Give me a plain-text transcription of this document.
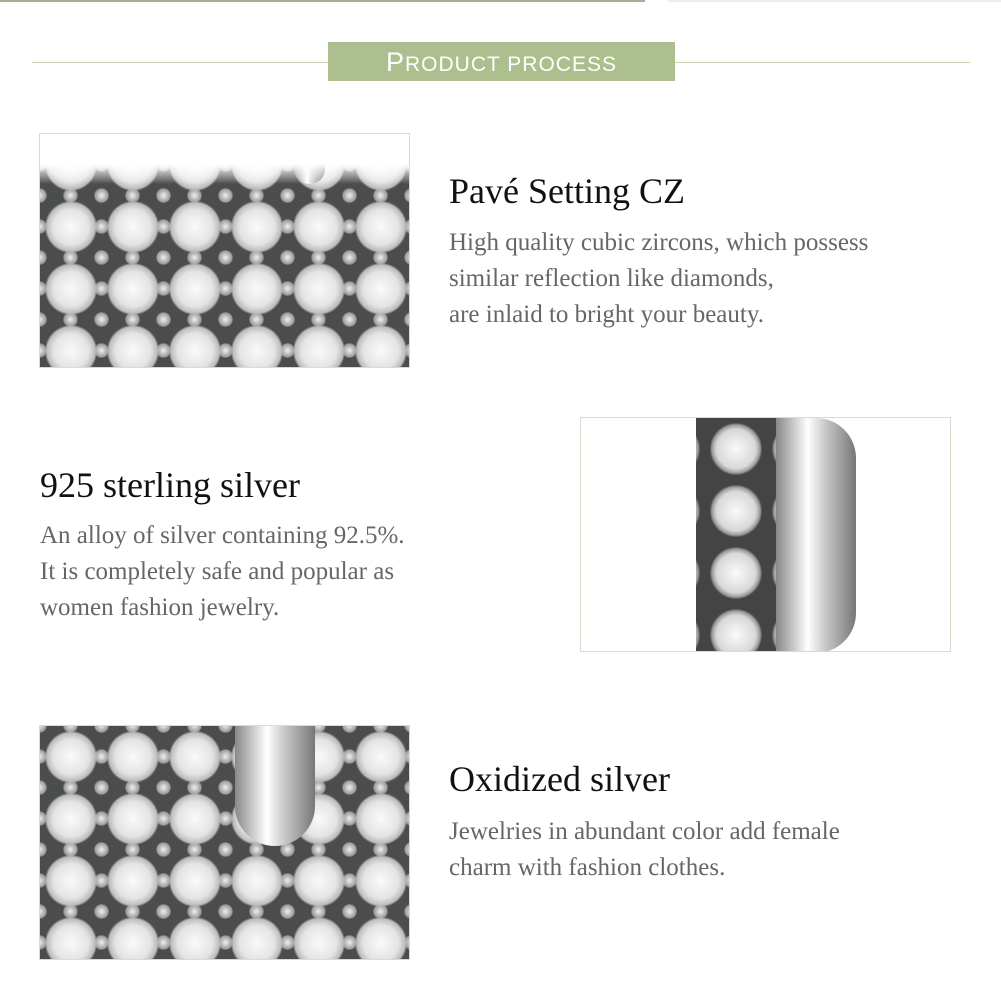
PRODUCT PROCESS
Pavé Setting CZ
High quality cubic zircons, which possess
similar reflection like diamonds,
are inlaid to bright your beauty.
925 sterling silver
An alloy of silver containing 92.5%.
It is completely safe and popular as
women fashion jewelry.
Oxidized silver
Jewelries in abundant color add female
charm with fashion clothes.
